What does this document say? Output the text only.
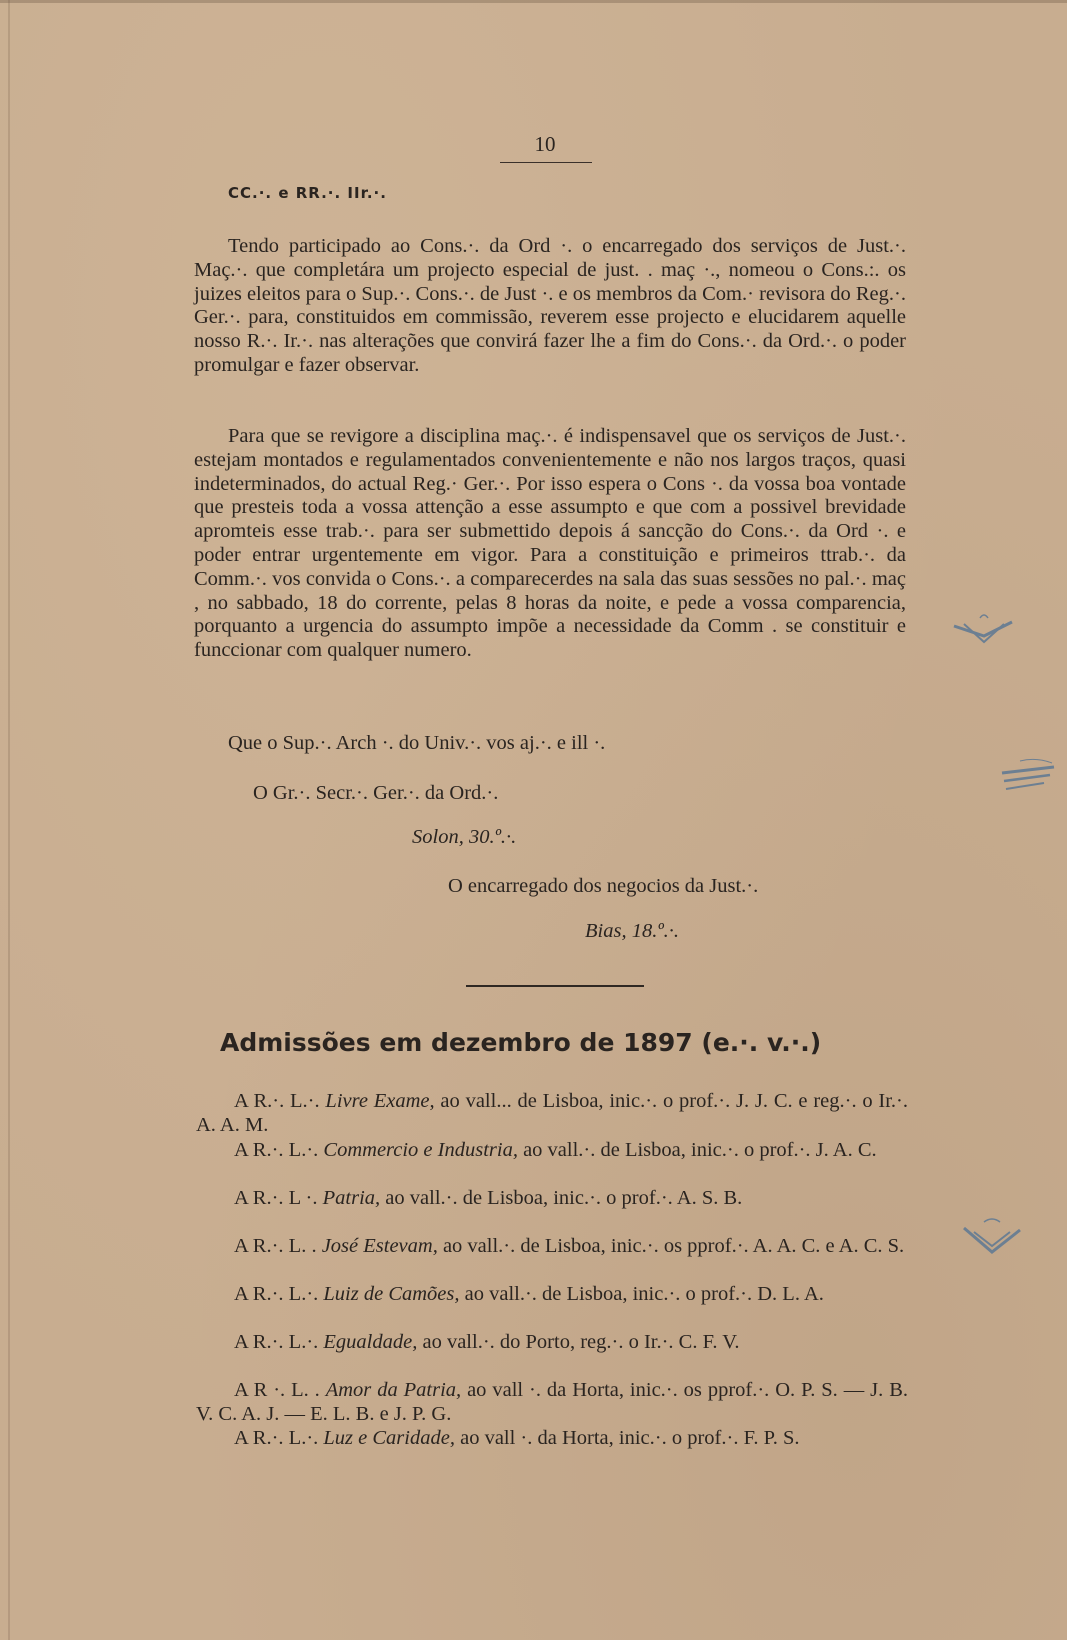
10
CC.·. e RR.·. IIr.·.

Tendo participado ao Cons.·. da Ord ·. o encarregado dos serviços de Just.·. Maç.·. que completára um projecto especial de just. . maç ·., nomeou o Cons.:. os juizes eleitos para o Sup.·. Cons.·. de Just ·. e os membros da Com.· revisora do Reg.·. Ger.·. para, constituidos em commissão, reverem esse projecto e elucidarem aquelle nosso R.·. Ir.·. nas alterações que convirá fazer lhe a fim do Cons.·. da Ord.·. o poder promulgar e fazer observar.

Para que se revigore a disciplina maç.·. é indispensavel que os serviços de Just.·. estejam montados e regulamentados convenientemente e não nos largos traços, quasi indeterminados, do actual Reg.· Ger.·. Por isso espera o Cons ·. da vossa boa vontade que presteis toda a vossa attenção a esse assumpto e que com a possivel brevidade apromteis esse trab.·. para ser submettido depois á sancção do Cons.·. da Ord ·. e poder entrar urgentemente em vigor. Para a constituição e primeiros ttrab.·. da Comm.·. vos convida o Cons.·. a comparecerdes na sala das suas sessões no pal.·. maç , no sabbado, 18 do corrente, pelas 8 horas da noite, e pede a vossa comparencia, porquanto a urgencia do assumpto impõe a necessidade da Comm . se constituir e funccionar com qualquer numero.

Que o Sup.·. Arch ·. do Univ.·. vos aj.·. e ill ·.
O Gr.·. Secr.·. Ger.·. da Ord.·.
Solon, 30.º.·.
O encarregado dos negocios da Just.·.
Bias, 18.º.·.
Admissões em dezembro de 1897 (e.·. v.·.)

A R.·. L.·. Livre Exame, ao vall... de Lisboa, inic.·. o prof.·. J. J. C. e reg.·. o Ir.·. A. A. M.

A R.·. L.·. Commercio e Industria, ao vall.·. de Lisboa, inic.·. o prof.·. J. A. C.

A R.·. L ·. Patria, ao vall.·. de Lisboa, inic.·. o prof.·. A. S. B.

A R.·. L. . José Estevam, ao vall.·. de Lisboa, inic.·. os pprof.·. A. A. C. e A. C. S.

A R.·. L.·. Luiz de Camões, ao vall.·. de Lisboa, inic.·. o prof.·. D. L. A.

A R.·. L.·. Egualdade, ao vall.·. do Porto, reg.·. o Ir.·. C. F. V.

A R ·. L. . Amor da Patria, ao vall ·. da Horta, inic.·. os pprof.·. O. P. S. — J. B. V. C. A. J. — E. L. B. e J. P. G.

A R.·. L.·. Luz e Caridade, ao vall ·. da Horta, inic.·. o prof.·. F. P. S.
